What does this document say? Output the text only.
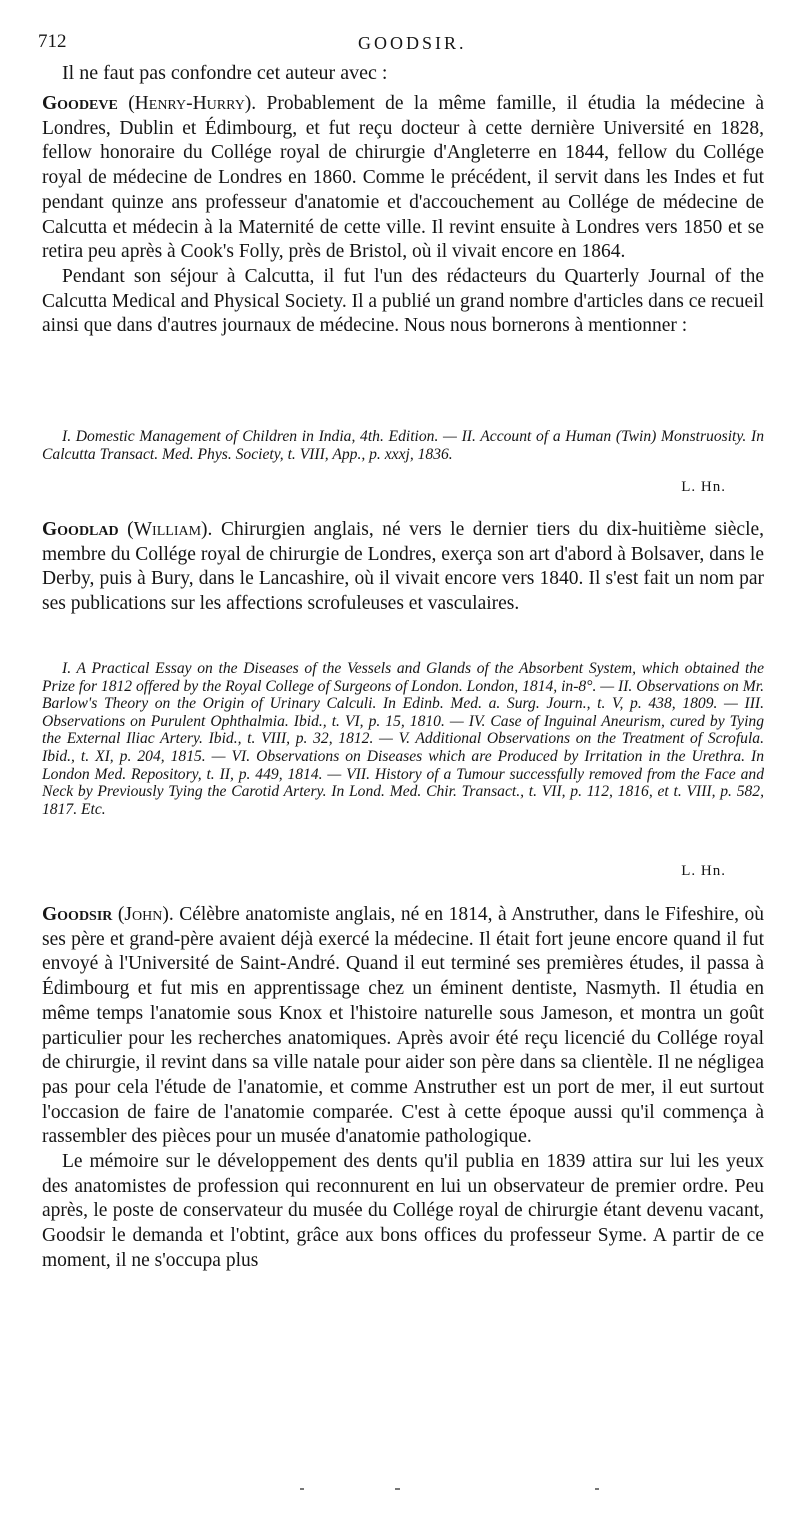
712	GOODSIR.
Il ne faut pas confondre cet auteur avec :

Goodeve (Henry-Hurry). Probablement de la même famille, il étudia la médecine à Londres, Dublin et Édimbourg, et fut reçu docteur à cette dernière Université en 1828, fellow honoraire du Collége royal de chirurgie d'Angleterre en 1844, fellow du Collége royal de médecine de Londres en 1860. Comme le précédent, il servit dans les Indes et fut pendant quinze ans professeur d'anatomie et d'accouchement au Collége de médecine de Calcutta et médecin à la Maternité de cette ville. Il revint ensuite à Londres vers 1850 et se retira peu après à Cook's Folly, près de Bristol, où il vivait encore en 1864.

Pendant son séjour à Calcutta, il fut l'un des rédacteurs du Quarterly Journal of the Calcutta Medical and Physical Society. Il a publié un grand nombre d'articles dans ce recueil ainsi que dans d'autres journaux de médecine. Nous nous bornerons à mentionner :

I. Domestic Management of Children in India, 4th. Edition. — II. Account of a Human (Twin) Monstruosity. In Calcutta Transact. Med. Phys. Society, t. VIII, App., p. xxxj, 1836.

L. Hn.

Goodlad (William). Chirurgien anglais, né vers le dernier tiers du dix-huitième siècle, membre du Collége royal de chirurgie de Londres, exerça son art d'abord à Bolsaver, dans le Derby, puis à Bury, dans le Lancashire, où il vivait encore vers 1840. Il s'est fait un nom par ses publications sur les affections scrofuleuses et vasculaires.

I. A Practical Essay on the Diseases of the Vessels and Glands of the Absorbent System, which obtained the Prize for 1812 offered by the Royal College of Surgeons of London. London, 1814, in-8°. — II. Observations on Mr. Barlow's Theory on the Origin of Urinary Calculi. In Edinb. Med. a. Surg. Journ., t. V, p. 438, 1809. — III. Observations on Purulent Ophthalmia. Ibid., t. VI, p. 15, 1810. — IV. Case of Inguinal Aneurism, cured by Tying the External Iliac Artery. Ibid., t. VIII, p. 32, 1812. — V. Additional Observations on the Treatment of Scrofula. Ibid., t. XI, p. 204, 1815. — VI. Observations on Diseases which are Produced by Irritation in the Urethra. In London Med. Repository, t. II, p. 449, 1814. — VII. History of a Tumour successfully removed from the Face and Neck by Previously Tying the Carotid Artery. In Lond. Med. Chir. Transact., t. VII, p. 112, 1816, et t. VIII, p. 582, 1817. Etc.

L. Hn.

Goodsir (John). Célèbre anatomiste anglais, né en 1814, à Anstruther, dans le Fifeshire, où ses père et grand-père avaient déjà exercé la médecine. Il était fort jeune encore quand il fut envoyé à l'Université de Saint-André. Quand il eut terminé ses premières études, il passa à Édimbourg et fut mis en apprentissage chez un éminent dentiste, Nasmyth. Il étudia en même temps l'anatomie sous Knox et l'histoire naturelle sous Jameson, et montra un goût particulier pour les recherches anatomiques. Après avoir été reçu licencié du Collége royal de chirurgie, il revint dans sa ville natale pour aider son père dans sa clientèle. Il ne négligea pas pour cela l'étude de l'anatomie, et comme Anstruther est un port de mer, il eut surtout l'occasion de faire de l'anatomie comparée. C'est à cette époque aussi qu'il commença à rassembler des pièces pour un musée d'anatomie pathologique.

Le mémoire sur le développement des dents qu'il publia en 1839 attira sur lui les yeux des anatomistes de profession qui reconnurent en lui un observateur de premier ordre. Peu après, le poste de conservateur du musée du Collége royal de chirurgie étant devenu vacant, Goodsir le demanda et l'obtint, grâce aux bons offices du professeur Syme. A partir de ce moment, il ne s'occupa plus
